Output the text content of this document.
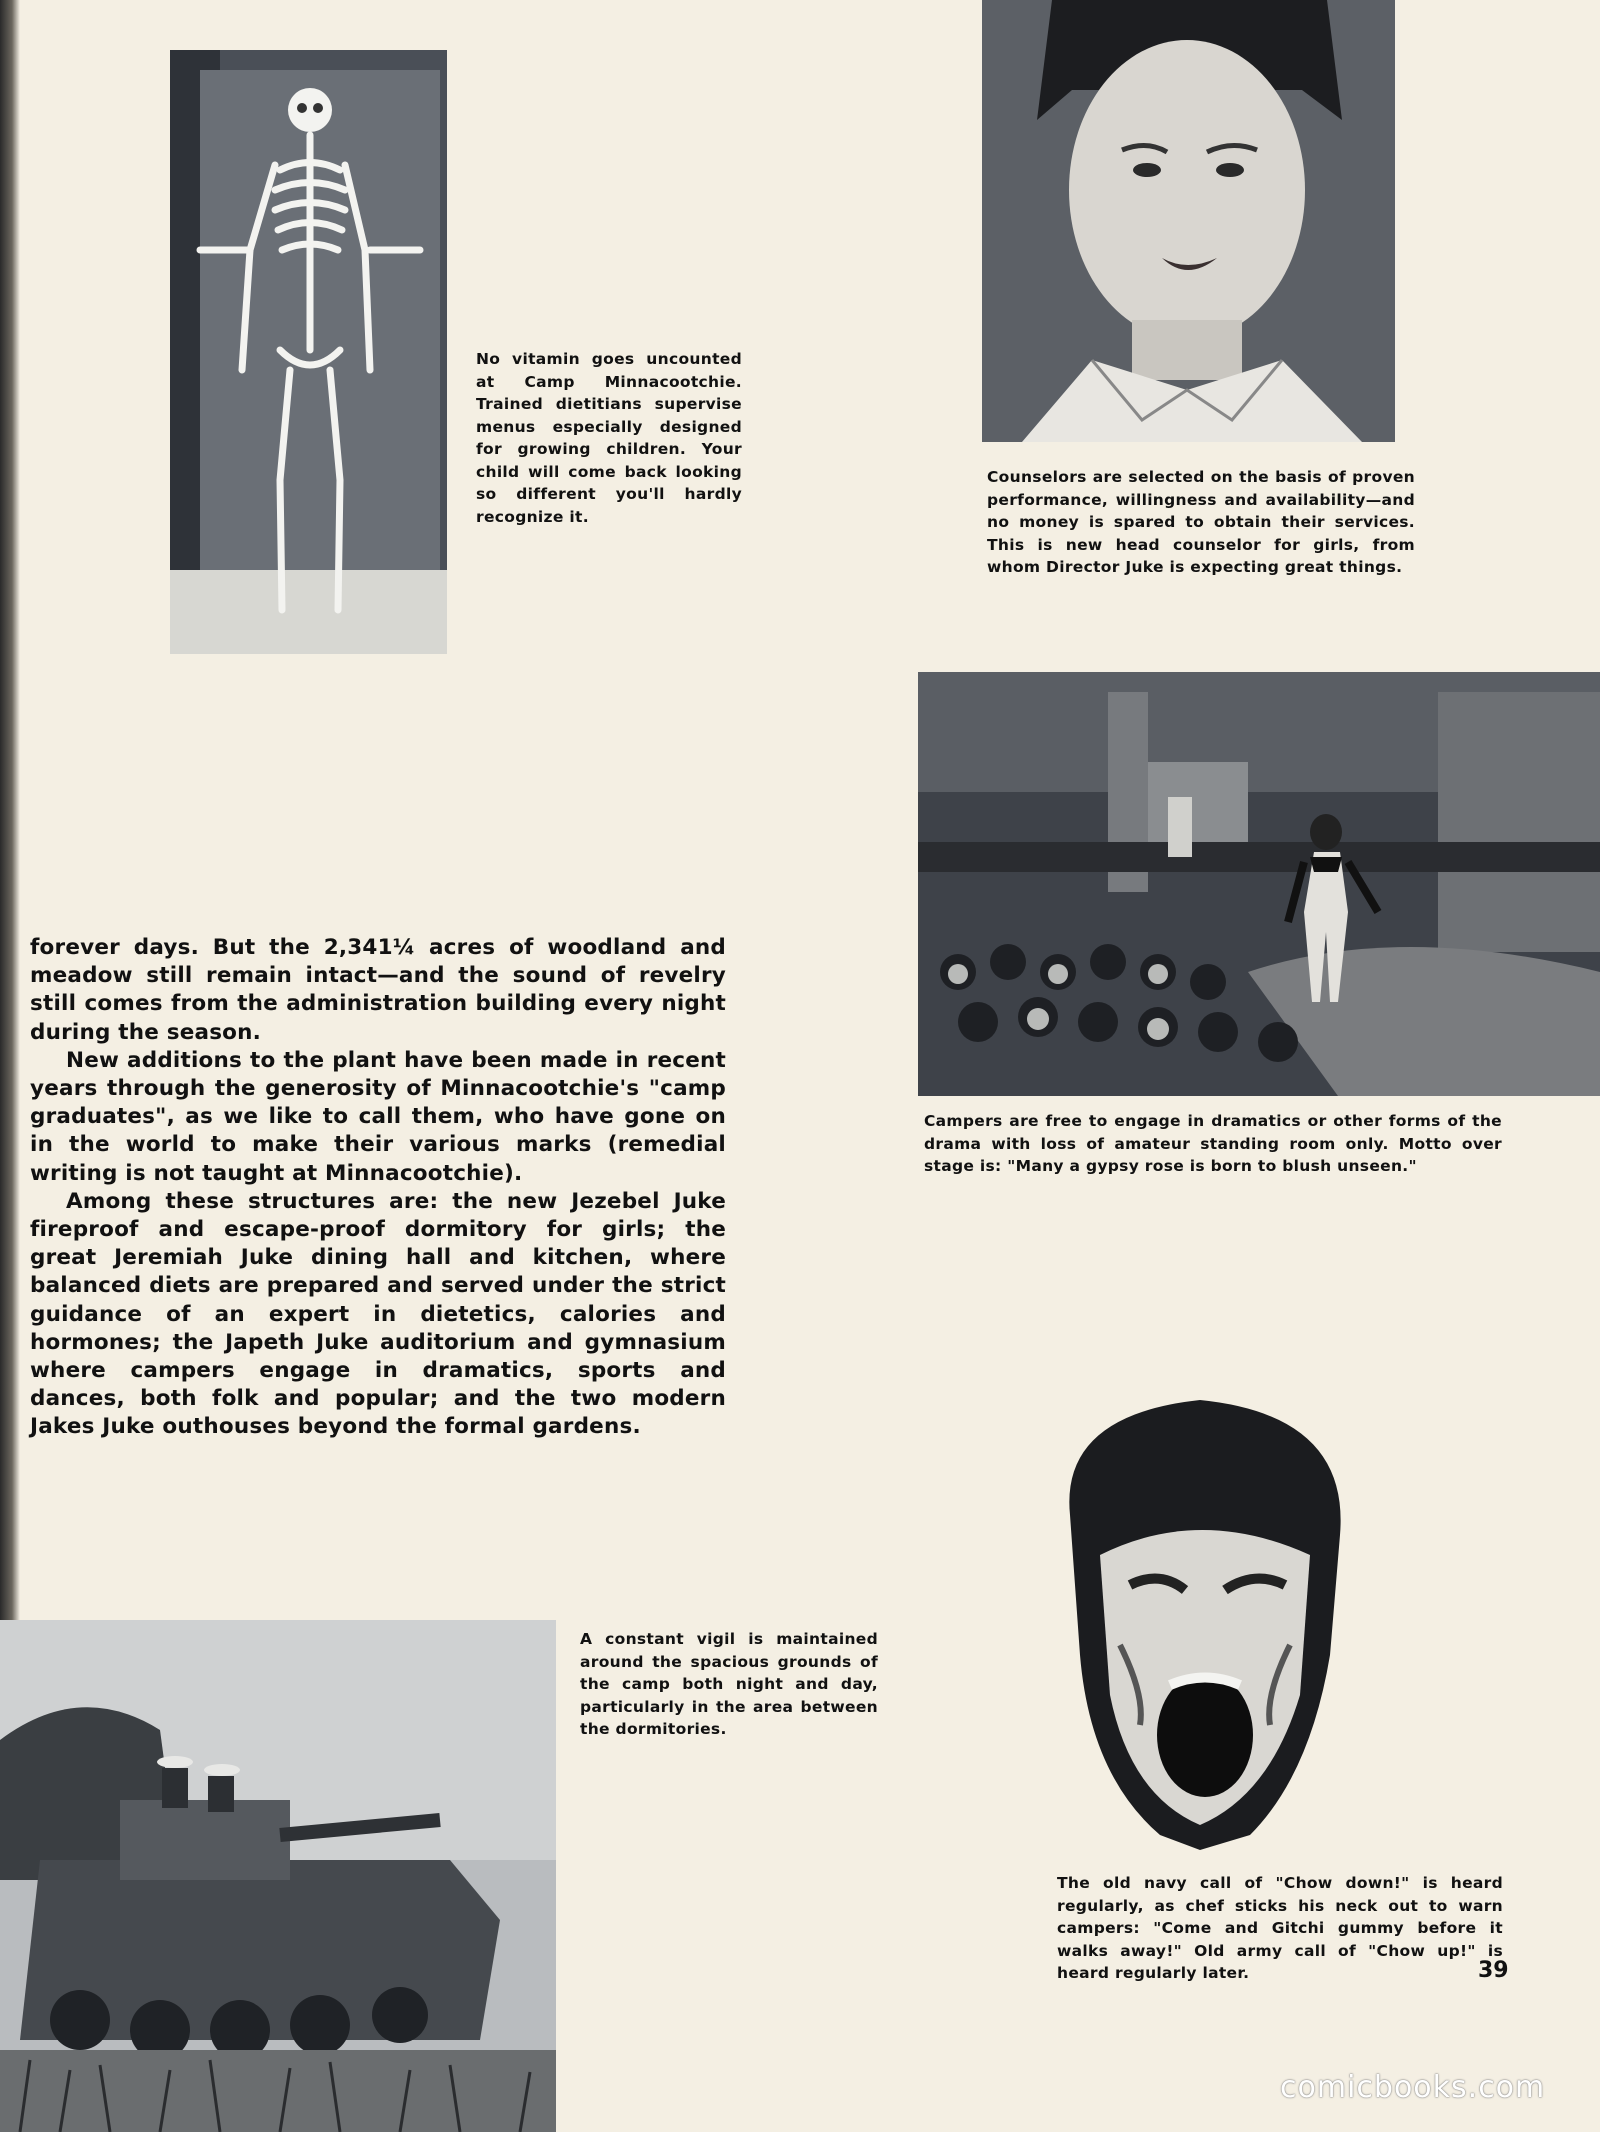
No vitamin goes uncounted at Camp Minnacootchie. Trained dietitians supervise menus especially designed for growing children. Your child will come back looking so different you'll hardly recognize it.
Counselors are selected on the basis of proven performance, willingness and availability—and no money is spared to obtain their services. This is new head counselor for girls, from whom Director Juke is expecting great things.
Campers are free to engage in dramatics or other forms of the drama with loss of amateur standing room only. Motto over stage is: "Many a gypsy rose is born to blush unseen."

forever days. But the 2,341¼ acres of woodland and meadow still remain intact—and the sound of revelry still comes from the administration building every night during the season.

New additions to the plant have been made in recent years through the generosity of Minnacootchie's "camp graduates", as we like to call them, who have gone on in the world to make their various marks (remedial writing is not taught at Minnacootchie).

Among these structures are: the new Jezebel Juke fireproof and escape-proof dormitory for girls; the great Jeremiah Juke dining hall and kitchen, where balanced diets are prepared and served under the strict guidance of an expert in dietetics, calories and hormones; the Japeth Juke auditorium and gymnasium where campers engage in dramatics, sports and dances, both folk and popular; and the two modern Jakes Juke outhouses beyond the formal gardens.

The old navy call of "Chow down!" is heard regularly, as chef sticks his neck out to warn campers: "Come and Gitchi gummy before it walks away!" Old army call of "Chow up!" is heard regularly later.
A constant vigil is maintained around the spacious grounds of the camp both night and day, particularly in the area between the dormitories.
39
comicbooks.com
